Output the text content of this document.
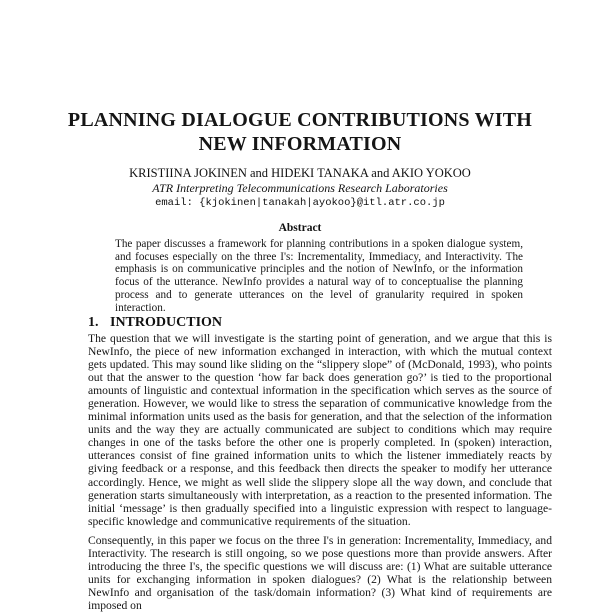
PLANNING DIALOGUE CONTRIBUTIONS WITH
NEW INFORMATION
KRISTIINA JOKINEN and HIDEKI TANAKA and AKIO YOKOO
ATR Interpreting Telecommunications Research Laboratories
email: {kjokinen|tanakah|ayokoo}@itl.atr.co.jp
Abstract

The paper discusses a framework for planning contributions in a spoken dialogue system, and focuses especially on the three I's: Incrementality, Immediacy, and Interactivity. The emphasis is on communicative principles and the notion of NewInfo, or the information focus of the utterance. NewInfo provides a natural way of to conceptualise the planning process and to generate utterances on the level of granularity required in spoken interaction.

1. INTRODUCTION

The question that we will investigate is the starting point of generation, and we argue that this is NewInfo, the piece of new information exchanged in interaction, with which the mutual context gets updated. This may sound like sliding on the “slippery slope” of (McDonald, 1993), who points out that the answer to the question ‘how far back does generation go?’ is tied to the proportional amounts of linguistic and contextual information in the specification which serves as the source of generation. However, we would like to stress the separation of communicative knowledge from the minimal information units used as the basis for generation, and that the selection of the information units and the way they are actually communicated are subject to conditions which may require changes in one of the tasks before the other one is properly completed. In (spoken) interaction, utterances consist of fine grained information units to which the listener immediately reacts by giving feedback or a response, and this feedback then directs the speaker to modify her utterance accordingly. Hence, we might as well slide the slippery slope all the way down, and conclude that generation starts simultaneously with interpretation, as a reaction to the presented information. The initial ‘message’ is then gradually specified into a linguistic expression with respect to language-specific knowledge and communicative requirements of the situation.

Consequently, in this paper we focus on the three I's in generation: Incrementality, Immediacy, and Interactivity. The research is still ongoing, so we pose questions more than provide answers. After introducing the three I's, the specific questions we will discuss are: (1) What are suitable utterance units for exchanging information in spoken dialogues? (2) What is the relationship between NewInfo and organisation of the task/domain information? (3) What kind of requirements are imposed on
